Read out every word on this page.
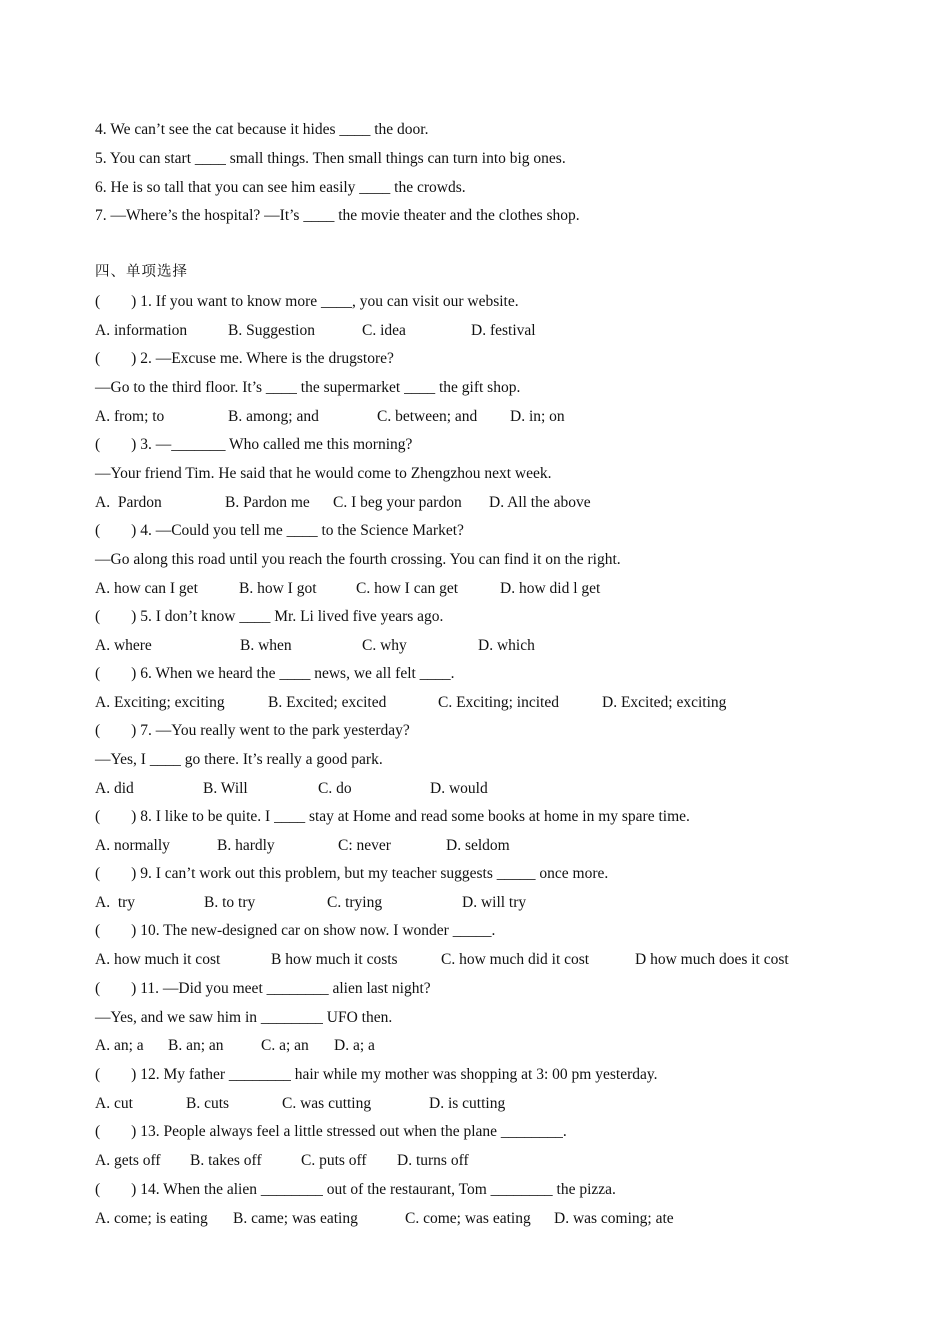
4. We can’t see the cat because it hides ____ the door.
5. You can start ____ small things. Then small things can turn into big ones.
6. He is so tall that you can see him easily ____ the crowds.
7. —Where’s the hospital? —It’s ____ the movie theater and the clothes shop.
四、单项选择
(        ) 1. If you want to know more ____, you can visit our website.
A. information	B. Suggestion	C. idea	D. festival
(        ) 2. —Excuse me. Where is the drugstore?
—Go to the third floor. It’s ____ the supermarket ____ the gift shop.
A. from; to	B. among; and	C. between; and D. in; on
(        ) 3. —_______ Who called me this morning?
—Your friend Tim. He said that he would come to Zhengzhou next week.
A.  Pardon	B. Pardon me C. I beg your pardon D. All the above
(        ) 4. —Could you tell me ____ to the Science Market?
—Go along this road until you reach the fourth crossing. You can find it on the right.
A. how can I get	B. how I got	C. how I can get	D. how did l get
(        ) 5. I don’t know ____ Mr. Li lived five years ago.
A. where	B. when	C. why	D. which
(        ) 6. When we heard the ____ news, we all felt ____.
A. Exciting; exciting	B. Excited; excited	C. Exciting; incited	D. Excited; exciting
(        ) 7. —You really went to the park yesterday?
—Yes, I ____ go there. It’s really a good park.
A. did	B. Will	C. do	D. would
(        ) 8. I like to be quite. I ____ stay at Home and read some books at home in my spare time.
A. normally	B. hardly	C: never	D. seldom
(        ) 9. I can’t work out this problem, but my teacher suggests _____ once more.
A.  try	B. to try	C. trying	D. will try
(        ) 10. The new-designed car on show now. I wonder _____.
A. how much it cost	B how much it costs	C. how much did it cost	D how much does it cost
(        ) 11. —Did you meet ________ alien last night?
—Yes, and we saw him in ________ UFO then.
A. an; a B. an; an C. a; an D. a; a
(        ) 12. My father ________ hair while my mother was shopping at 3: 00 pm yesterday.
A. cut	B. cuts	C. was cutting	D. is cutting
(        ) 13. People always feel a little stressed out when the plane ________.
A. gets off B. takes off	C. puts off D. turns off
(        ) 14. When the alien ________ out of the restaurant, Tom ________ the pizza.
A. come; is eating B. came; was eating	C. come; was eating D. was coming; ate
